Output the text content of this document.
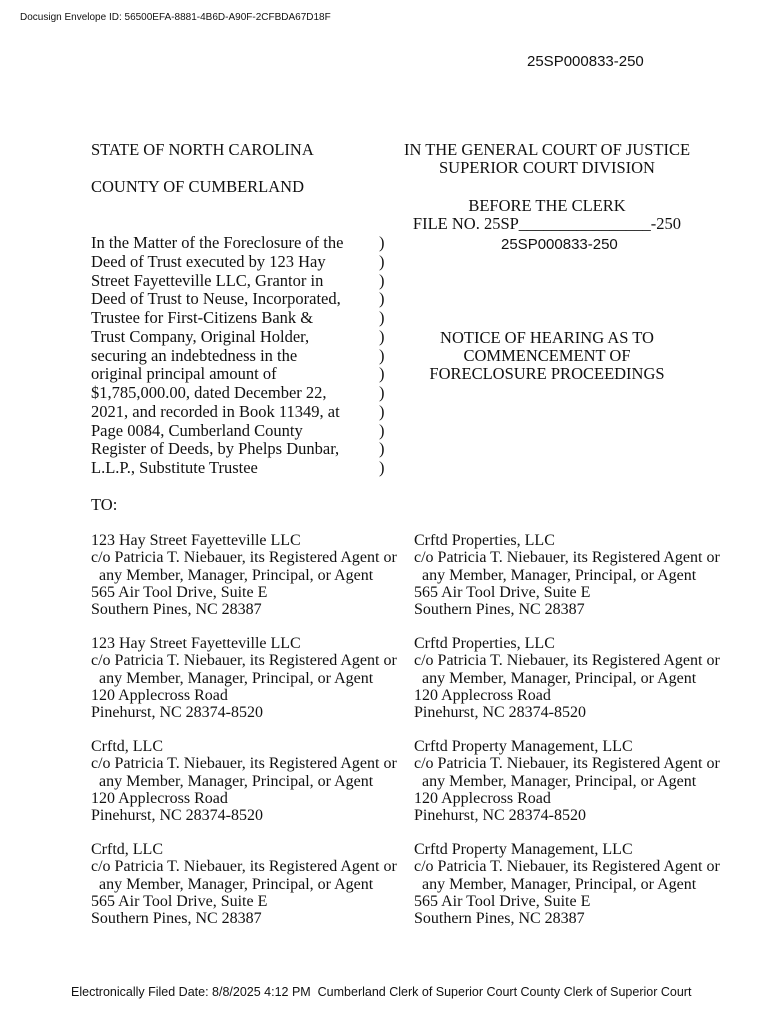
Docusign Envelope ID: 56500EFA-8881-4B6D-A90F-2CFBDA67D18F
25SP000833-250
STATE OF NORTH CAROLINA
COUNTY OF CUMBERLAND
IN THE GENERAL COURT OF JUSTICE
SUPERIOR COURT DIVISION
BEFORE THE CLERK
FILE NO. 25SP________________-250
25SP000833-250
In the Matter of the Foreclosure of the
Deed of Trust executed by 123 Hay
Street Fayetteville LLC, Grantor in
Deed of Trust to Neuse, Incorporated,
Trustee for First-Citizens Bank &
Trust Company, Original Holder,
securing an indebtedness in the
original principal amount of
$1,785,000.00, dated December 22,
2021, and recorded in Book 11349, at
Page 0084, Cumberland County
Register of Deeds, by Phelps Dunbar,
L.L.P., Substitute Trustee
)
)
)
)
)
)
)
)
)
)
)
)
)
NOTICE OF HEARING AS TO
COMMENCEMENT OF
FORECLOSURE PROCEEDINGS
TO:
123 Hay Street Fayetteville LLC
c/o Patricia T. Niebauer, its Registered Agent or
any Member, Manager, Principal, or Agent
565 Air Tool Drive, Suite E
Southern Pines, NC 28387
Crftd Properties, LLC
c/o Patricia T. Niebauer, its Registered Agent or
any Member, Manager, Principal, or Agent
565 Air Tool Drive, Suite E
Southern Pines, NC 28387
123 Hay Street Fayetteville LLC
c/o Patricia T. Niebauer, its Registered Agent or
any Member, Manager, Principal, or Agent
120 Applecross Road
Pinehurst, NC 28374-8520
Crftd Properties, LLC
c/o Patricia T. Niebauer, its Registered Agent or
any Member, Manager, Principal, or Agent
120 Applecross Road
Pinehurst, NC 28374-8520
Crftd, LLC
c/o Patricia T. Niebauer, its Registered Agent or
any Member, Manager, Principal, or Agent
120 Applecross Road
Pinehurst, NC 28374-8520
Crftd Property Management, LLC
c/o Patricia T. Niebauer, its Registered Agent or
any Member, Manager, Principal, or Agent
120 Applecross Road
Pinehurst, NC 28374-8520
Crftd, LLC
c/o Patricia T. Niebauer, its Registered Agent or
any Member, Manager, Principal, or Agent
565 Air Tool Drive, Suite E
Southern Pines, NC 28387
Crftd Property Management, LLC
c/o Patricia T. Niebauer, its Registered Agent or
any Member, Manager, Principal, or Agent
565 Air Tool Drive, Suite E
Southern Pines, NC 28387
Electronically Filed Date: 8/8/2025 4:12 PM  Cumberland Clerk of Superior Court County Clerk of Superior Court
